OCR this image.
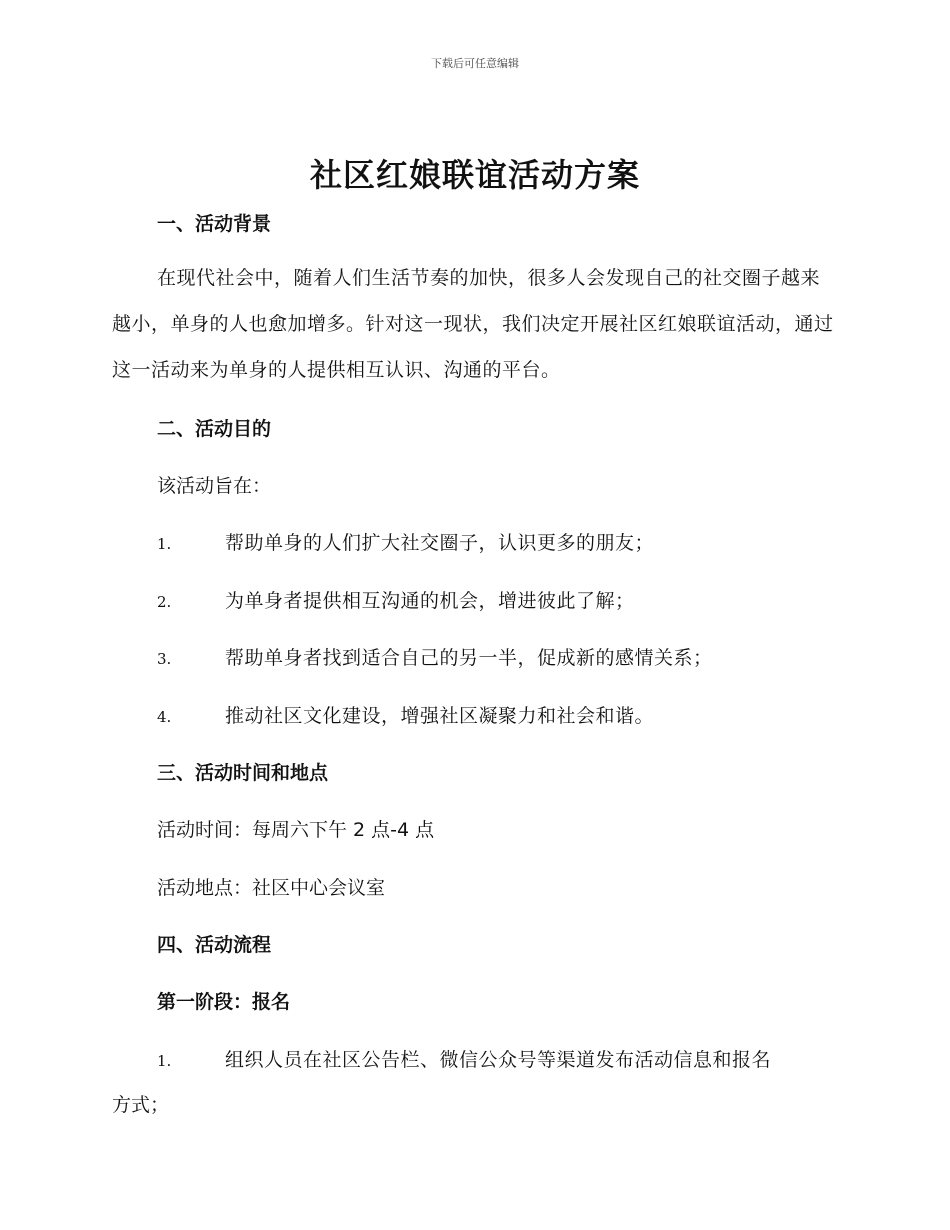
下载后可任意编辑
社区红娘联谊活动方案
一、活动背景
在现代社会中，随着人们生活节奏的加快，很多人会发现自己的社交圈子越来越小，单身的人也愈加增多。针对这一现状，我们决定开展社区红娘联谊活动，通过这一活动来为单身的人提供相互认识、沟通的平台。
二、活动目的
该活动旨在：
1.	帮助单身的人们扩大社交圈子，认识更多的朋友；
2.	为单身者提供相互沟通的机会，增进彼此了解；
3.	帮助单身者找到适合自己的另一半，促成新的感情关系；
4.	推动社区文化建设，增强社区凝聚力和社会和谐。
三、活动时间和地点
活动时间：每周六下午 2 点-4 点
活动地点：社区中心会议室
四、活动流程
第一阶段：报名
1.	组织人员在社区公告栏、微信公众号等渠道发布活动信息和报名
方式；
